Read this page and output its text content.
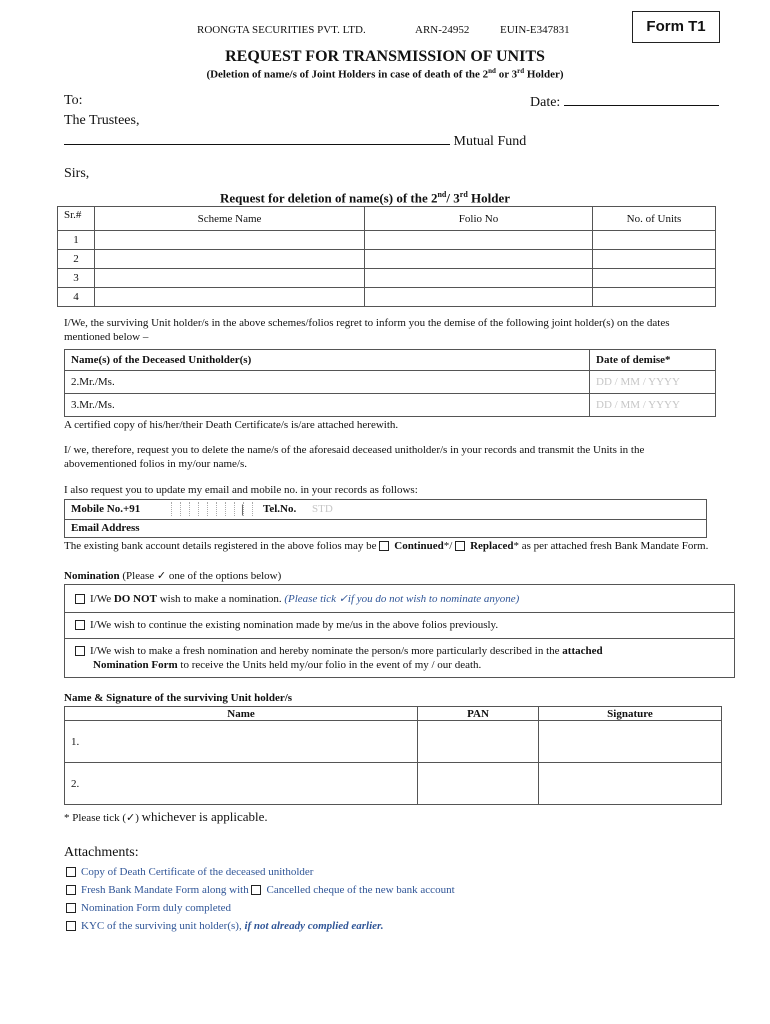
ROONGTA SECURITIES PVT. LTD.	ARN-24952	EUIN-E347831	Form T1
REQUEST FOR TRANSMISSION OF UNITS
(Deletion of name/s of Joint Holders in case of death of the 2nd or 3rd Holder)
To:	Date:
The Trustees,
Mutual Fund
Sirs,
Request for deletion of name(s) of the 2nd/ 3rd Holder
Sr.#	Scheme Name	Folio No	No. of Units
1			
2			
3			
4			
I/We, the surviving Unit holder/s in the above schemes/folios regret to inform you the demise of the following joint holder(s) on the dates mentioned below –
Name(s) of the Deceased Unitholder(s)	Date of demise*
2.Mr./Ms.	DD / MM / YYYY
3.Mr./Ms.	DD / MM / YYYY
A certified copy of his/her/their Death Certificate/s is/are attached herewith.
I/ we, therefore, request you to delete the name/s of the aforesaid deceased unitholder/s in your records and transmit the Units in the abovementioned folios in my/our name/s.
I also request you to update my email and mobile no. in your records as follows:
Mobile No.+91	| Tel.No. STD
Email Address
The existing bank account details registered in the above folios may be Continued*/ Replaced* as per attached fresh Bank Mandate Form.
Nomination (Please ✓ one of the options below)
I/We DO NOT wish to make a nomination. (Please tick ✓if you do not wish to nominate anyone)
I/We wish to continue the existing nomination made by me/us in the above folios previously.
I/We wish to make a fresh nomination and hereby nominate the person/s more particularly described in the attached
Nomination Form to receive the Units held my/our folio in the event of my / our death.
Name & Signature of the surviving Unit holder/s
Name	PAN	Signature
1.		
2.		
* Please tick (✓) whichever is applicable.
Attachments:
Copy of Death Certificate of the deceased unitholder
Fresh Bank Mandate Form along with Cancelled cheque of the new bank account
Nomination Form duly completed
KYC of the surviving unit holder(s), if not already complied earlier.
